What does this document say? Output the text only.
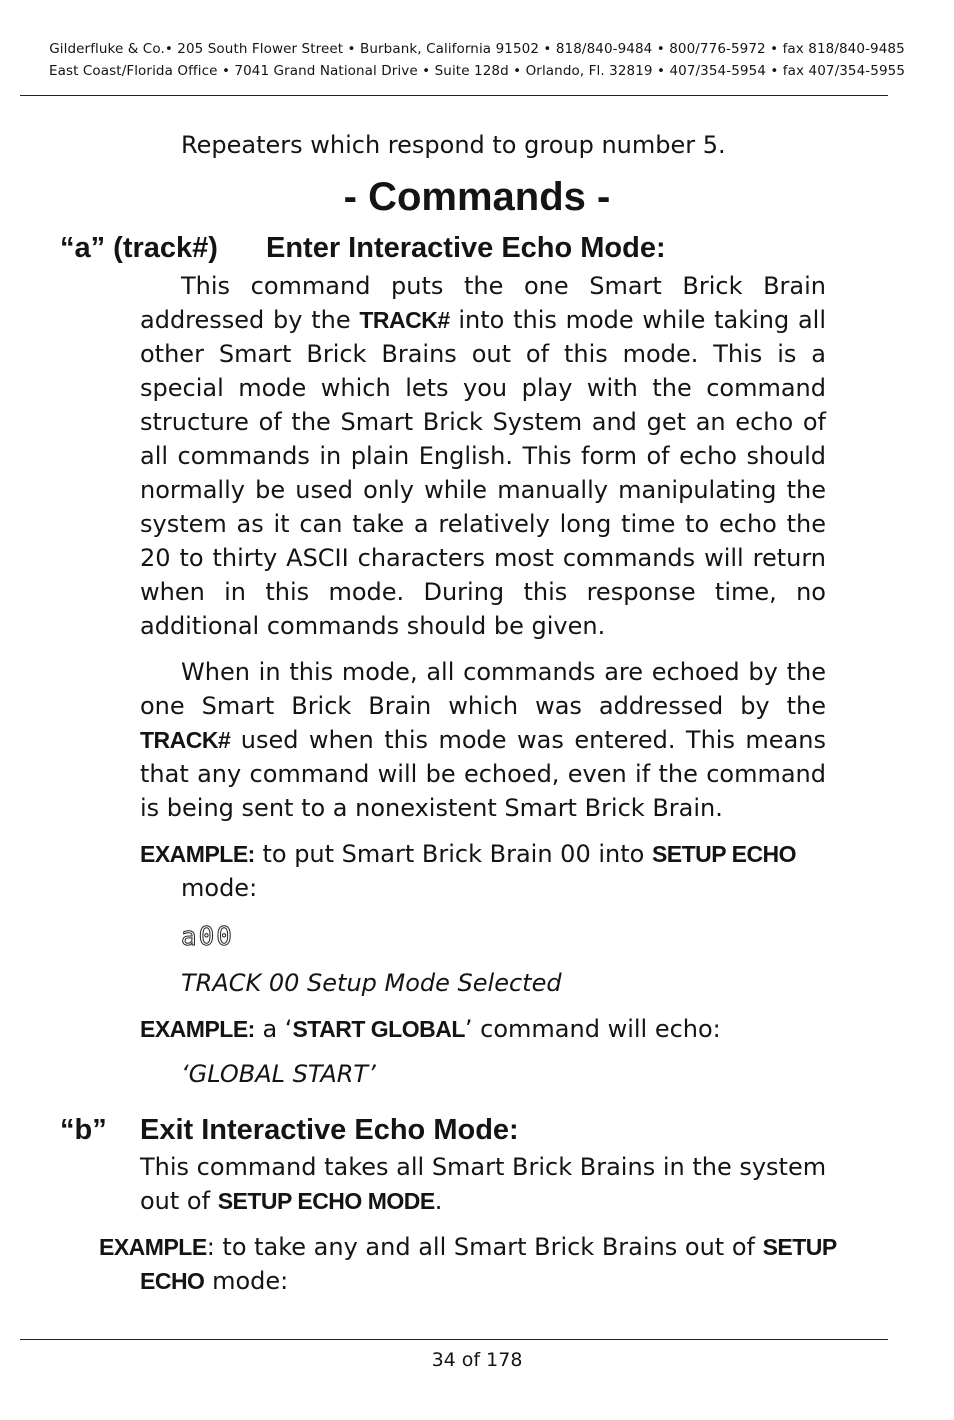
Gilderfluke & Co.• 205 South Flower Street • Burbank, California 91502 • 818/840-9484 • 800/776-5972 • fax 818/840-9485
East Coast/Florida Office • 7041 Grand National Drive • Suite 128d • Orlando, Fl. 32819 • 407/354-5954 • fax 407/354-5955
Repeaters which respond to group number 5.
- Commands -
“a” (track#) Enter Interactive Echo Mode:
This command puts the one Smart Brick Brain addressed by the TRACK# into this mode while taking all other Smart Brick Brains out of this mode. This is a special mode which lets you play with the command structure of the Smart Brick System and get an echo of all commands in plain English. This form of echo should normally be used only while manually manipulating the system as it can take a relatively long time to echo the 20 to thirty ASCII characters most commands will return when in this mode. During this response time, no additional commands should be given.
When in this mode, all commands are echoed by the one Smart Brick Brain which was addressed by the TRACK# used when this mode was entered. This means that any command will be echoed, even if the command is being sent to a nonexistent Smart Brick Brain.
EXAMPLE: to put Smart Brick Brain 00 into SETUP ECHO
mode:
a00
TRACK 00 Setup Mode Selected
EXAMPLE: a ‘START GLOBAL’ command will echo:
‘GLOBAL START’
“b” Exit Interactive Echo Mode:
This command takes all Smart Brick Brains in the system
out of SETUP ECHO MODE.
EXAMPLE: to take any and all Smart Brick Brains out of SETUP
ECHO mode:
34 of 178
